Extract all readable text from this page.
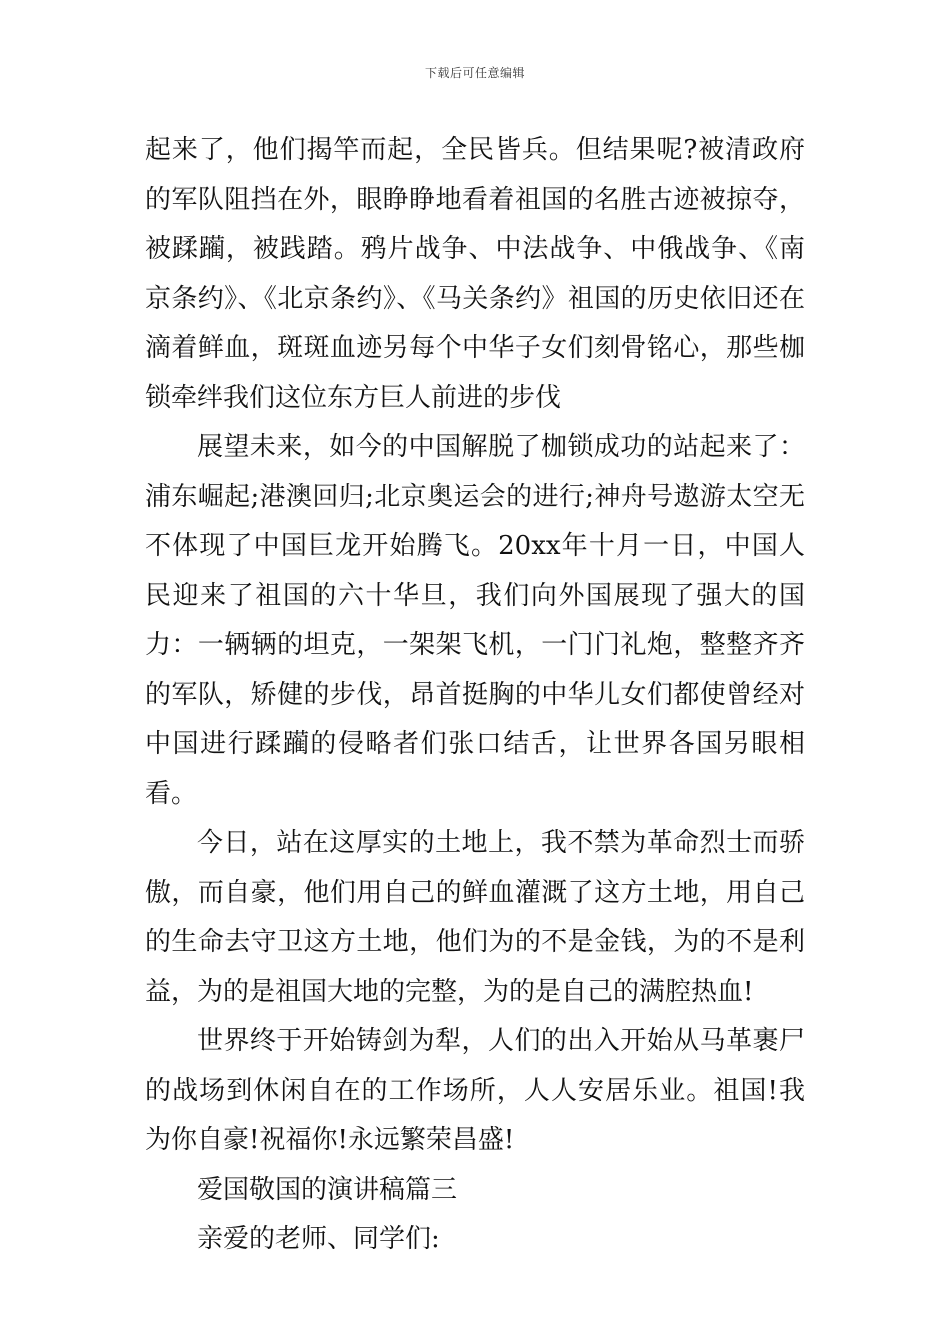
下载后可任意编辑

起来了，他们揭竿而起，全民皆兵。但结果呢?被清政府的军队阻挡在外，眼睁睁地看着祖国的名胜古迹被掠夺，被蹂躏，被践踏。鸦片战争、中法战争、中俄战争、《南京条约》、《北京条约》、《马关条约》祖国的历史依旧还在滴着鲜血，斑斑血迹另每个中华子女们刻骨铭心，那些枷锁牵绊我们这位东方巨人前进的步伐

展望未来，如今的中国解脱了枷锁成功的站起来了：浦东崛起;港澳回归;北京奥运会的进行;神舟号遨游太空无不体现了中国巨龙开始腾飞。20xx年十月一日，中国人民迎来了祖国的六十华旦，我们向外国展现了强大的国力：一辆辆的坦克，一架架飞机，一门门礼炮，整整齐齐的军队，矫健的步伐，昂首挺胸的中华儿女们都使曾经对中国进行蹂躏的侵略者们张口结舌，让世界各国另眼相看。

今日，站在这厚实的土地上，我不禁为革命烈士而骄傲，而自豪，他们用自己的鲜血灌溉了这方土地，用自己的生命去守卫这方土地，他们为的不是金钱，为的不是利益，为的是祖国大地的完整，为的是自己的满腔热血!

世界终于开始铸剑为犁，人们的出入开始从马革裹尸的战场到休闲自在的工作场所，人人安居乐业。祖国!我为你自豪!祝福你!永远繁荣昌盛!

爱国敬国的演讲稿篇三

亲爱的老师、同学们:
